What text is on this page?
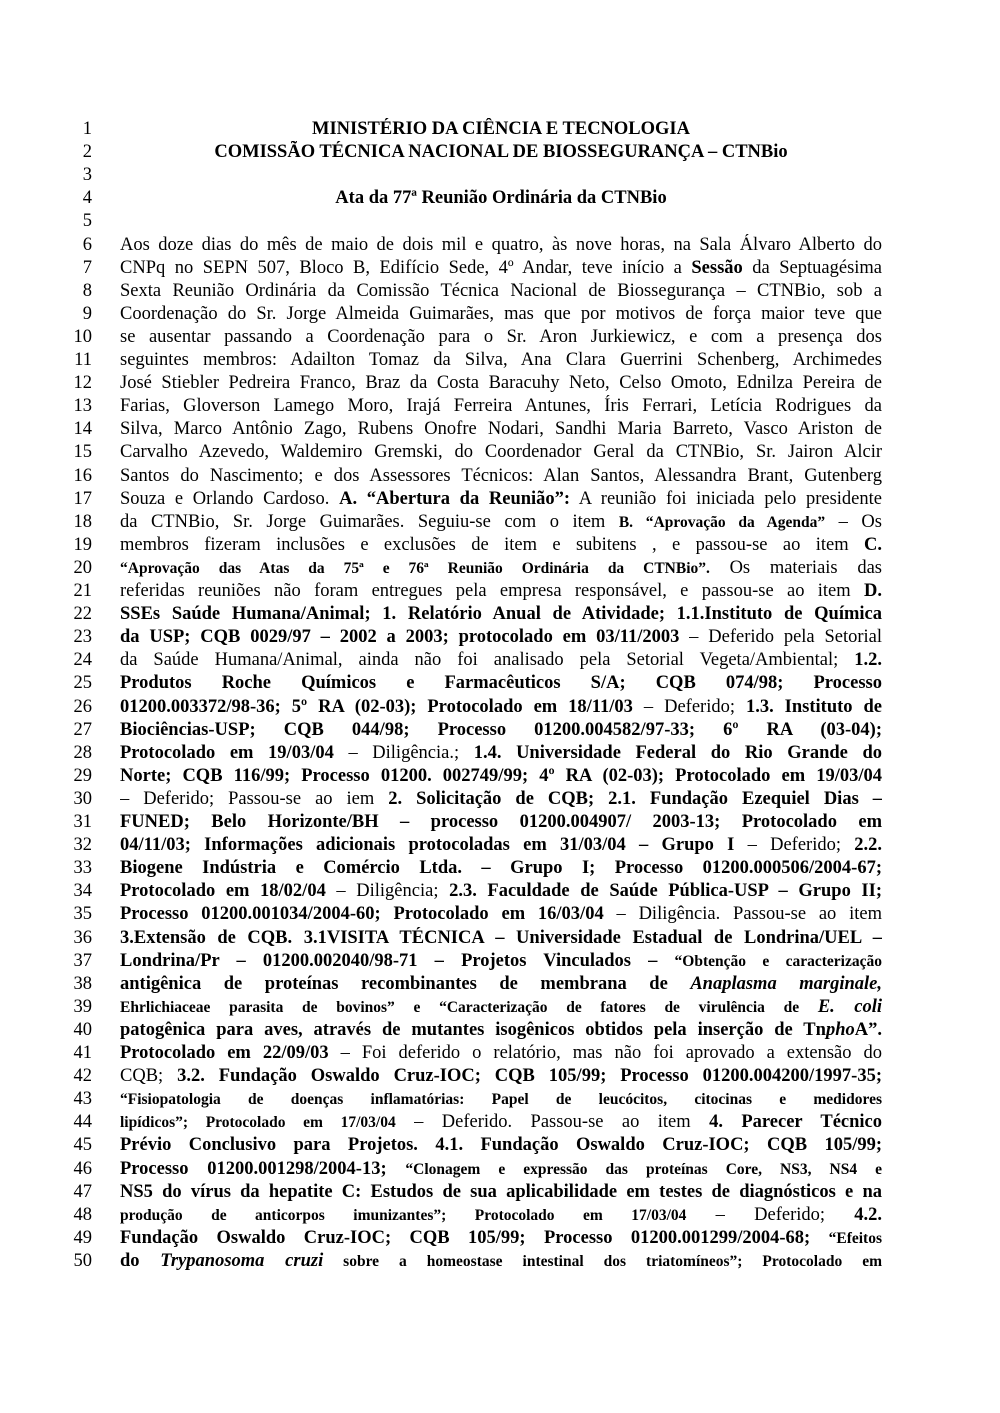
1	MINISTÉRIO DA CIÊNCIA E TECNOLOGIA
2	COMISSÃO TÉCNICA NACIONAL DE BIOSSEGURANÇA – CTNBio
3
4	Ata da 77ª Reunião Ordinária da CTNBio
5
6 Aos doze dias do mês de maio de dois mil e quatro, às nove horas, na Sala Álvaro Alberto do
7 CNPq no SEPN 507, Bloco B, Edifício Sede, 4º Andar, teve início a Sessão da Septuagésima
8 Sexta Reunião Ordinária da Comissão Técnica Nacional de Biossegurança – CTNBio, sob a
9 Coordenação do Sr. Jorge Almeida Guimarães, mas que por motivos de força maior teve que
10 se ausentar passando a Coordenação para o Sr. Aron Jurkiewicz, e com a presença dos
11 seguintes membros: Adailton Tomaz da Silva, Ana Clara Guerrini Schenberg, Archimedes
12 José Stiebler Pedreira Franco, Braz da Costa Baracuhy Neto, Celso Omoto, Ednilza Pereira de
13 Farias, Gloverson Lamego Moro, Irajá Ferreira Antunes, Íris Ferrari, Letícia Rodrigues da
14 Silva, Marco Antônio Zago, Rubens Onofre Nodari, Sandhi Maria Barreto, Vasco Ariston de
15 Carvalho Azevedo, Waldemiro Gremski, do Coordenador Geral da CTNBio, Sr. Jairon Alcir
16 Santos do Nascimento; e dos Assessores Técnicos: Alan Santos, Alessandra Brant, Gutenberg
17 Souza e Orlando Cardoso. A. “Abertura da Reunião”: A reunião foi iniciada pelo presidente
18 da CTNBio, Sr. Jorge Guimarães. Seguiu-se com o item B. “Aprovação da Agenda” – Os
19 membros fizeram inclusões e exclusões de item e subitens , e passou-se ao item C.
20 “Aprovação das Atas da 75ª e 76ª Reunião Ordinária da CTNBio”. Os materiais das
21 referidas reuniões não foram entregues pela empresa responsável, e passou-se ao item D.
22 SSEs Saúde Humana/Animal; 1. Relatório Anual de Atividade; 1.1.Instituto de Química
23 da USP; CQB 0029/97 – 2002 a 2003; protocolado em 03/11/2003 – Deferido pela Setorial
24 da Saúde Humana/Animal, ainda não foi analisado pela Setorial Vegeta/Ambiental; 1.2.
25 Produtos Roche Químicos e Farmacêuticos S/A; CQB 074/98; Processo
26 01200.003372/98-36; 5º RA (02-03); Protocolado em 18/11/03 – Deferido; 1.3. Instituto de
27 Biociências-USP; CQB 044/98; Processo 01200.004582/97-33; 6º RA (03-04);
28 Protocolado em 19/03/04 – Diligência.; 1.4. Universidade Federal do Rio Grande do
29 Norte; CQB 116/99; Processo 01200. 002749/99; 4º RA (02-03); Protocolado em 19/03/04
30 – Deferido; Passou-se ao iem 2. Solicitação de CQB; 2.1. Fundação Ezequiel Dias –
31 FUNED; Belo Horizonte/BH – processo 01200.004907/ 2003-13; Protocolado em
32 04/11/03; Informações adicionais protocoladas em 31/03/04 – Grupo I – Deferido; 2.2.
33 Biogene Indústria e Comércio Ltda. – Grupo I; Processo 01200.000506/2004-67;
34 Protocolado em 18/02/04 – Diligência; 2.3. Faculdade de Saúde Pública-USP – Grupo II;
35 Processo 01200.001034/2004-60; Protocolado em 16/03/04 – Diligência. Passou-se ao item
36 3.Extensão de CQB. 3.1VISITA TÉCNICA – Universidade Estadual de Londrina/UEL –
37 Londrina/Pr – 01200.002040/98-71 – Projetos Vinculados – “Obtenção e caracterização
38 antigênica de proteínas recombinantes de membrana de Anaplasma marginale,
39 Ehrlichiaceae parasita de bovinos” e “Caracterização de fatores de virulência de E. coli
40 patogênica para aves, através de mutantes isogênicos obtidos pela inserção de TnphoA”.
41 Protocolado em 22/09/03 – Foi deferido o relatório, mas não foi aprovado a extensão do
42 CQB; 3.2. Fundação Oswaldo Cruz-IOC; CQB 105/99; Processo 01200.004200/1997-35;
43 “Fisiopatologia de doenças inflamatórias: Papel de leucócitos, citocinas e medidores
44 lipídicos”; Protocolado em 17/03/04 – Deferido. Passou-se ao item 4. Parecer Técnico
45 Prévio Conclusivo para Projetos. 4.1. Fundação Oswaldo Cruz-IOC; CQB 105/99;
46 Processo 01200.001298/2004-13; “Clonagem e expressão das proteínas Core, NS3, NS4 e
47 NS5 do vírus da hepatite C: Estudos de sua aplicabilidade em testes de diagnósticos e na
48 produção de anticorpos imunizantes”; Protocolado em 17/03/04 – Deferido; 4.2.
49 Fundação Oswaldo Cruz-IOC; CQB 105/99; Processo 01200.001299/2004-68; “Efeitos
50 do Trypanosoma cruzi sobre a homeostase intestinal dos triatomíneos”; Protocolado em
